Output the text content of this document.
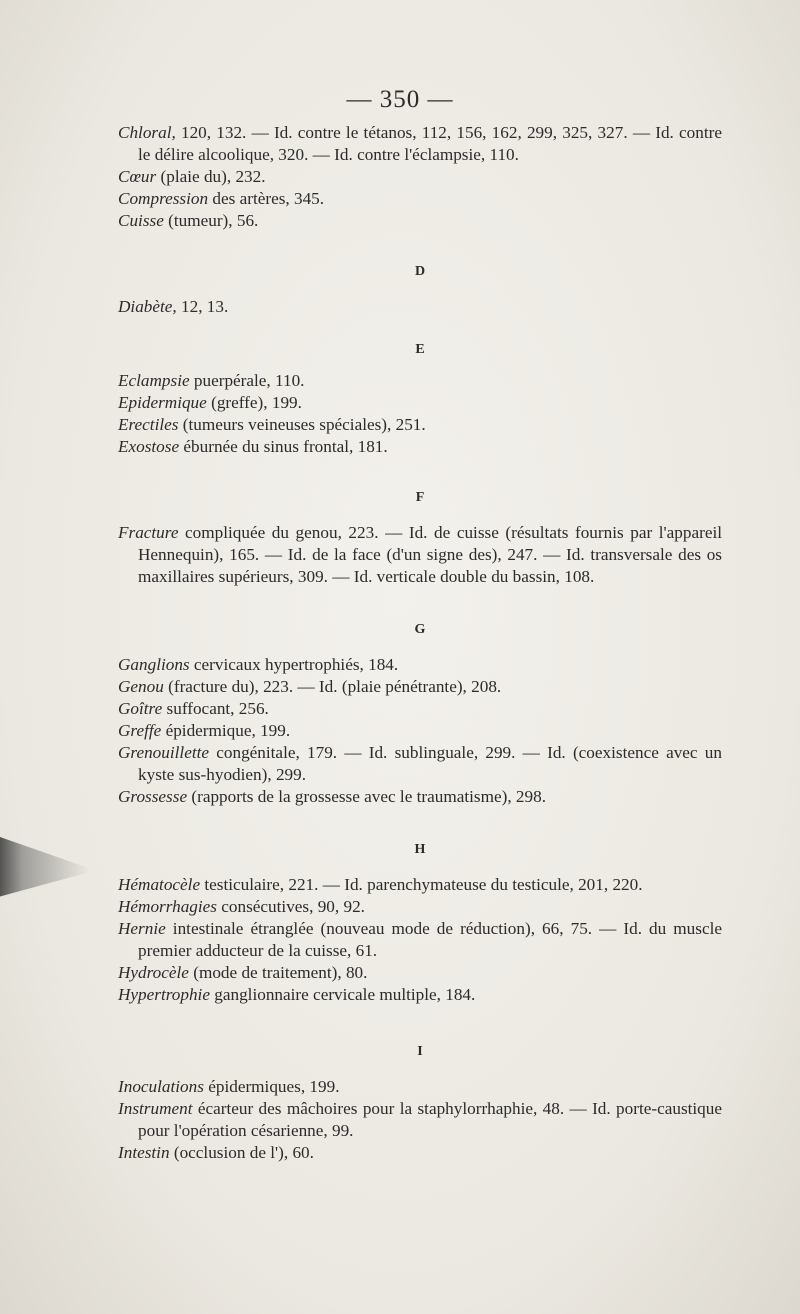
— 350 —

Chloral, 120, 132. — Id. contre le tétanos, 112, 156, 162, 299, 325, 327. — Id. contre le délire alcoolique, 320. — Id. contre l'éclampsie, 110.

Cœur (plaie du), 232.

Compression des artères, 345.

Cuisse (tumeur), 56.

D

Diabète, 12, 13.

E

Eclampsie puerpérale, 110.

Epidermique (greffe), 199.

Erectiles (tumeurs veineuses spéciales), 251.

Exostose éburnée du sinus frontal, 181.

F

Fracture compliquée du genou, 223. — Id. de cuisse (résultats fournis par l'appareil Hennequin), 165. — Id. de la face (d'un signe des), 247. — Id. transversale des os maxillaires supérieurs, 309. — Id. verticale double du bassin, 108.

G

Ganglions cervicaux hypertrophiés, 184.

Genou (fracture du), 223. — Id. (plaie pénétrante), 208.

Goître suffocant, 256.

Greffe épidermique, 199.

Grenouillette congénitale, 179. — Id. sublinguale, 299. — Id. (coexistence avec un kyste sus-hyodien), 299.

Grossesse (rapports de la grossesse avec le traumatisme), 298.

H

Hématocèle testiculaire, 221. — Id. parenchymateuse du testicule, 201, 220.

Hémorrhagies consécutives, 90, 92.

Hernie intestinale étranglée (nouveau mode de réduction), 66, 75. — Id. du muscle premier adducteur de la cuisse, 61.

Hydrocèle (mode de traitement), 80.

Hypertrophie ganglionnaire cervicale multiple, 184.

I

Inoculations épidermiques, 199.

Instrument écarteur des mâchoires pour la staphylorrhaphie, 48. — Id. porte-caustique pour l'opération césarienne, 99.

Intestin (occlusion de l'), 60.
